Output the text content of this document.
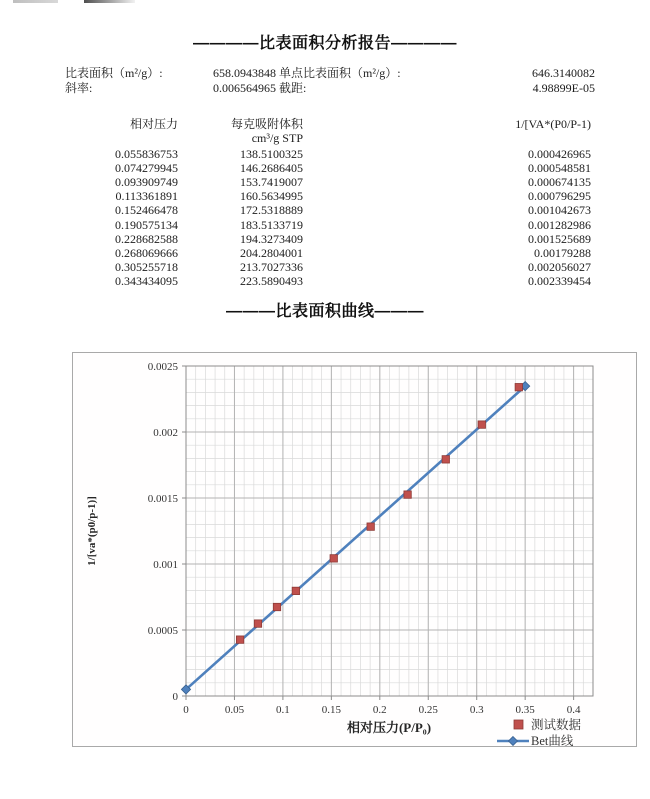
————比表面积分析报告————
比表面积（m²/g）:	658.0943848 单点比表面积（m²/g）:	646.3140082
斜率:	0.006564965 截距:	4.98899E-05
相对压力	每克吸附体积	1/[VA*(P0/P-1)
cm³/g STP
0.055836753	138.5100325	0.000426965
0.074279945	146.2686405	0.000548581
0.093909749	153.7419007	0.000674135
0.113361891	160.5634995	0.000796295
0.152466478	172.5318889	0.001042673
0.190575134	183.5133719	0.001282986
0.228682588	194.3273409	0.001525689
0.268069666	204.2804001	0.00179288
0.305255718	213.7027336	0.002056027
0.343434095	223.5890493	0.002339454
———比表面积曲线———
0	0.05	0.1	0.15	0.2	0.25	0.3	0.35	0.4
0
0.0005
0.001
0.0015
0.002
0.0025
1/[va*(p0/p-1)]
相对压力(P/P₀)	测试数据
Bet曲线
